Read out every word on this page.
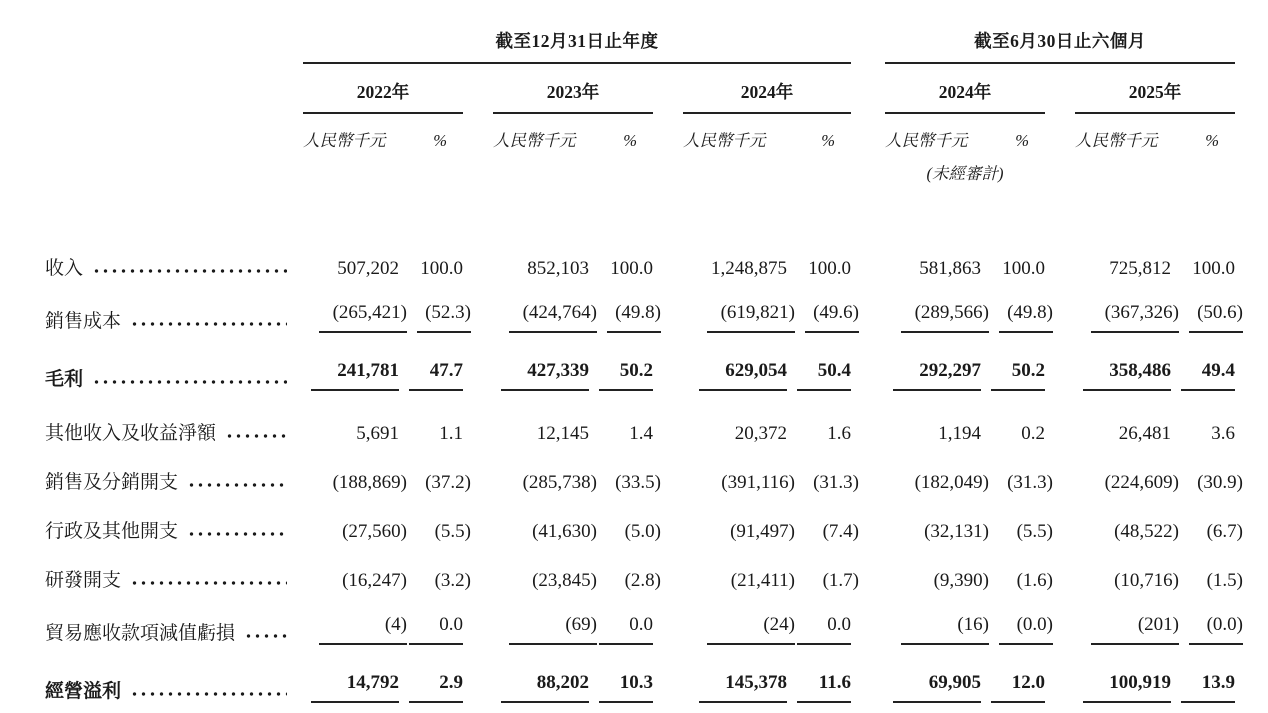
	截至12月31日止年度									截至6月30日止六個月				

	2022年			2023年			2024年			2024年			2025年	

	人民幣千元	%		人民幣千元	%		人民幣千元	%		人民幣千元	%		人民幣千元	%
										(未經審計)				

收入	507,202	100.0		852,103	100.0		1,248,875	100.0		581,863	100.0		725,812	100.0

銷售成本	(265,421)	(52.3)		(424,764)	(49.8)		(619,821)	(49.6)		(289,566)	(49.8)		(367,326)	(50.6)

毛利	241,781	47.7		427,339	50.2		629,054	50.4		292,297	50.2		358,486	49.4

其他收入及收益淨額	5,691	1.1		12,145	1.4		20,372	1.6		1,194	0.2		26,481	3.6

銷售及分銷開支	(188,869)	(37.2)		(285,738)	(33.5)		(391,116)	(31.3)		(182,049)	(31.3)		(224,609)	(30.9)

行政及其他開支	(27,560)	(5.5)		(41,630)	(5.0)		(91,497)	(7.4)		(32,131)	(5.5)		(48,522)	(6.7)

研發開支	(16,247)	(3.2)		(23,845)	(2.8)		(21,411)	(1.7)		(9,390)	(1.6)		(10,716)	(1.5)

貿易應收款項減值虧損	(4)	0.0		(69)	0.0		(24)	0.0		(16)	(0.0)		(201)	(0.0)

經營溢利	14,792	2.9		88,202	10.3		145,378	11.6		69,905	12.0		100,919	13.9
